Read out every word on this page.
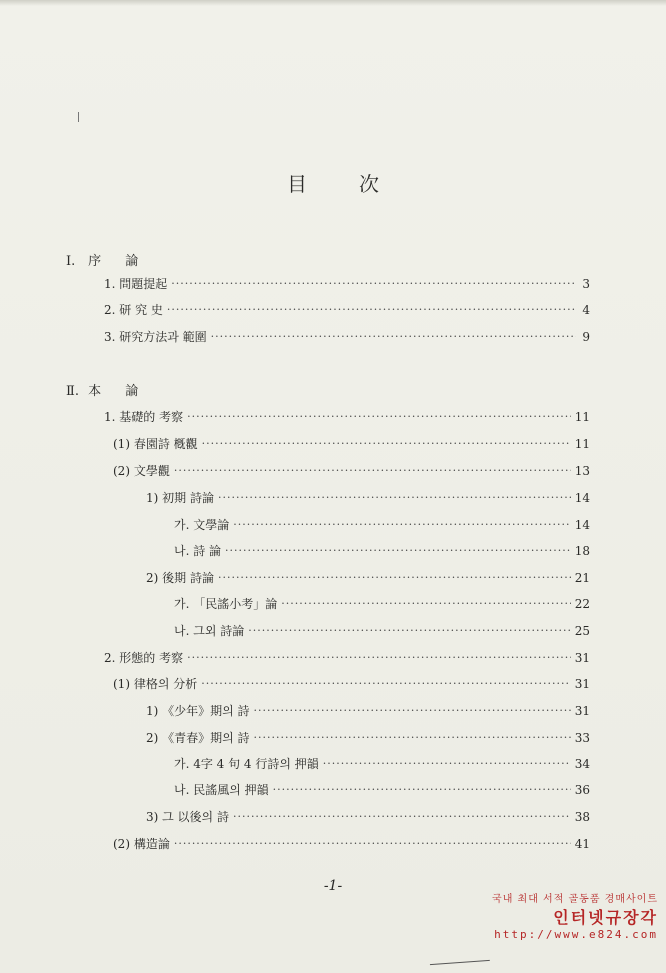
目	次
Ⅰ. 序 論
1. 問題提起 ·····	3
2. 研 究 史 ·····	4
3. 研究方法과 範圍 ·····	9
Ⅱ. 本 論
1. 基礎的 考察 ·····	11
(1) 春園詩 槪觀 ·····	11
(2) 文學觀 ·····	13
1) 初期 詩論 ·····	14
가. 文學論 ·····	14
나. 詩 論 ·····	18
2) 後期 詩論 ·····	21
가. 「民謠小考」論 ·····	22
나. 그외 詩論 ·····	25
2. 形態的 考察 ·····	31
(1) 律格의 分析 ·····	31
1) 《少年》期의 詩 ·····	31
2) 《青春》期의 詩 ·····	33
가. 4字 4 句 4 行詩의 押韻 ·····	34
나. 民謠風의 押韻 ·····	36
3) 그 以後의 詩 ·····	38
(2) 構造論 ·····	41
-1-
국내 최대 서적 골동품 경매사이트
인터넷규장각
http://www.e824.com
